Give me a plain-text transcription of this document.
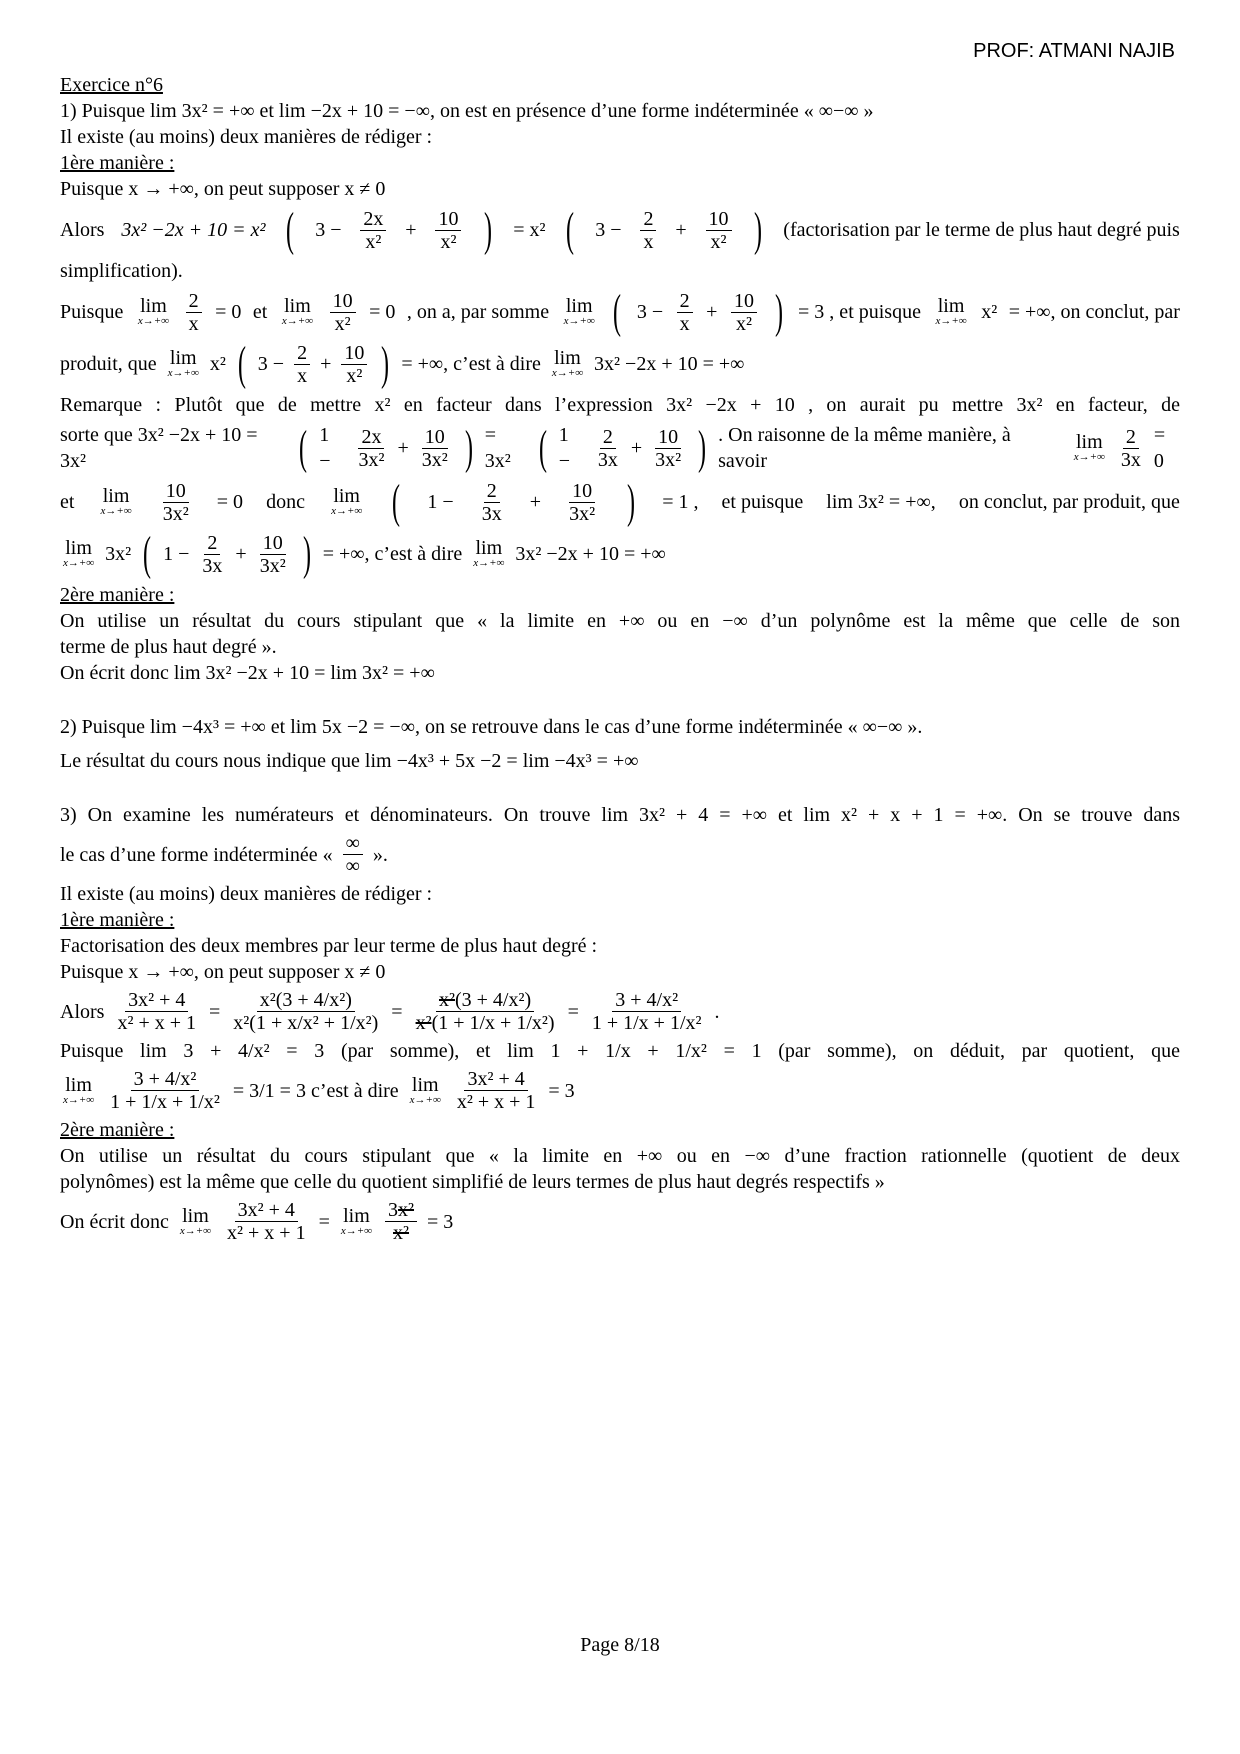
PROF: ATMANI NAJIB

Exercice n°6

1) Puisque lim 3x² = +∞ et lim −2x + 10 = −∞, on est en présence d’une forme indéterminée « ∞−∞ »

Il existe (au moins) deux manières de rédiger :

1ère manière :

Puisque x → +∞, on peut supposer x ≠ 0

Alors 3x² −2x + 10 = x² ( $3 - \frac{2x}{\text{x²}} + \frac{10}{\text{x²}}$ ) = x² ( $3 - \frac{2}{x} + \frac{10}{\text{x²}}$ ) (factorisation par le terme de plus haut degré puis

simplification).

Puisque lim
$x\to+\infty \frac{2}{x} = 0$ et lim
$x\to+\infty \frac{10}{\text{x²}} = 0$ , on a, par somme lim
x→+∞ ( $3 - \frac{2}{x} + \frac{10}{\text{x²}}$ ) = 3 , et puisque lim
x→+∞ x² = +∞, on conclut, par
produit, que lim
x→+∞ x² ( $3 - \frac{2}{x} + \frac{10}{\text{x²}}$ ) = +∞, c’est à dire lim
x→+∞ 3x² −2x + 10 = +∞

Remarque : Plutôt que de mettre x² en facteur dans l’expression 3x² −2x + 10 , on aurait pu mettre 3x² en facteur, de

sorte que 3x² −2x + 10 = 3x²	( 1 −	$\frac{2x}{\text{3x²}} + \frac{10}{\text{3x²}}$ ) = 3x² ( 1 −	$\frac{2}{3x} + \frac{10}{\text{3x²}}$ ) . On raisonne de la même manière, à savoir
lim
$x\to+\infty \frac{2}{3x} = 0$
et lim
$x\to+\infty \frac{10}{\text{3x²}} = 0$ donc lim
x→+∞ ( $1 - \frac{2}{3x} + \frac{10}{\text{3x²}}$ ) = 1 , et puisque lim 3x² = +∞, on conclut, par produit, que
lim
x→+∞ 3x² ( $1 - \frac{2}{3x} + \frac{10}{\text{3x²}}$ ) = +∞, c’est à dire lim
x→+∞ 3x² −2x + 10 = +∞

2ère manière :

On utilise un résultat du cours stipulant que « la limite en +∞ ou en −∞ d’un polynôme est la même que celle de son

terme de plus haut degré ».

On écrit donc lim 3x² −2x + 10 = lim 3x² = +∞

2) Puisque lim −4x³ = +∞ et lim 5x −2 = −∞, on se retrouve dans le cas d’une forme indéterminée « ∞−∞ ».

Le résultat du cours nous indique que lim −4x³ + 5x −2 = lim −4x³ = +∞

3) On examine les numérateurs et dénominateurs. On trouve lim 3x² + 4 = +∞ et lim x² + x + 1 = +∞. On se trouve dans

le cas d’une forme indéterminée « $\frac{\infty}{\infty}$ ».

Il existe (au moins) deux manières de rédiger :

1ère manière :

Factorisation des deux membres par leur terme de plus haut degré :

Puisque x → +∞, on peut supposer x ≠ 0

Alors $\frac{\text{3x² + 4}}{\text{x² + x + 1}} = \frac{\text{x²(3 + 4/x²)}}{\text{x²(1 + x/x² + 1/x²)}} = \frac{\text{x²(3 + 4/x²)}}{\text{x²(1 + 1/x + 1/x²)}} = \frac{\text{3 + 4/x²}}{\text{1 + 1/x + 1/x²}}$ .

Puisque lim 3 + 4/x² = 3 (par somme), et lim 1 + 1/x + 1/x² = 1 (par somme), on déduit, par quotient, que

lim
$x\to+\infty \frac{\text{3 + 4/x²}}{\text{1 + 1/x + 1/x²}} = 3/1 = 3$ c’est à dire lim
$x\to+\infty \frac{\text{3x² + 4}}{\text{x² + x + 1}} = 3$

2ère manière :

On utilise un résultat du cours stipulant que « la limite en +∞ ou en −∞ d’une fraction rationnelle (quotient de deux

polynômes) est la même que celle du quotient simplifié de leurs termes de plus haut degrés respectifs »

On écrit donc lim
$x\to+\infty \frac{\text{3x² + 4}}{\text{x² + x + 1}} = \lim$
$x\to+\infty \frac{\text{3x²}}{\text{x²}} = 3$
Page 8/18
